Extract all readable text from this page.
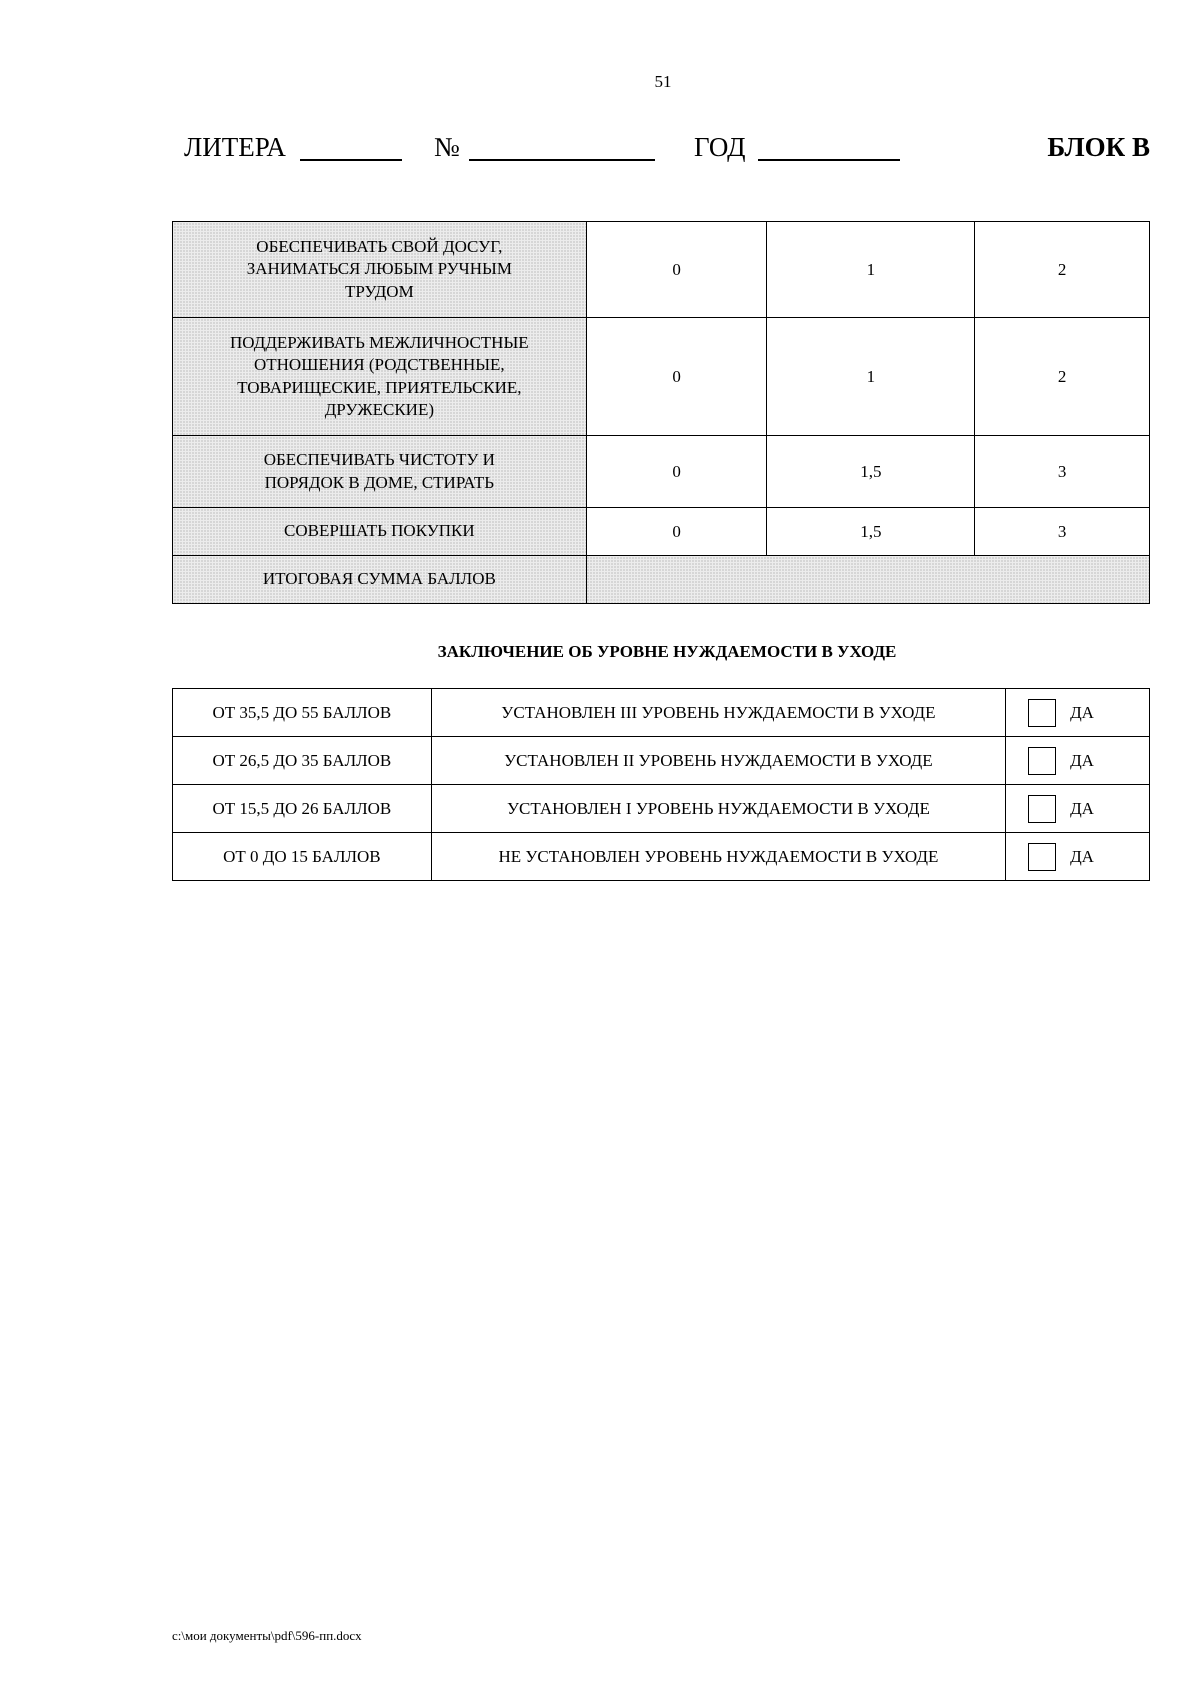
51
ЛИТЕРА	№	ГОД	БЛОК В
ОБЕСПЕЧИВАТЬ СВОЙ ДОСУГ, ЗАНИМАТЬСЯ ЛЮБЫМ РУЧНЫМ ТРУДОМ	0	1	2
ПОДДЕРЖИВАТЬ МЕЖЛИЧНОСТНЫЕ ОТНОШЕНИЯ (РОДСТВЕННЫЕ, ТОВАРИЩЕСКИЕ, ПРИЯТЕЛЬСКИЕ, ДРУЖЕСКИЕ)	0	1	2
ОБЕСПЕЧИВАТЬ ЧИСТОТУ И ПОРЯДОК В ДОМЕ, СТИРАТЬ	0	1,5	3
СОВЕРШАТЬ ПОКУПКИ	0	1,5	3
ИТОГОВАЯ СУММА БАЛЛОВ			
ЗАКЛЮЧЕНИЕ ОБ УРОВНЕ НУЖДАЕМОСТИ В УХОДЕ
ОТ 35,5 ДО 55 БАЛЛОВ	УСТАНОВЛЕН III УРОВЕНЬ НУЖДАЕМОСТИ В УХОДЕ	ДА

ОТ 26,5 ДО 35 БАЛЛОВ	УСТАНОВЛЕН II УРОВЕНЬ НУЖДАЕМОСТИ В УХОДЕ	ДА

ОТ 15,5 ДО 26 БАЛЛОВ	УСТАНОВЛЕН I УРОВЕНЬ НУЖДАЕМОСТИ В УХОДЕ	ДА

ОТ 0 ДО 15 БАЛЛОВ	НЕ УСТАНОВЛЕН УРОВЕНЬ НУЖДАЕМОСТИ В УХОДЕ	ДА
c:\мои документы\pdf\596-пп.docx
